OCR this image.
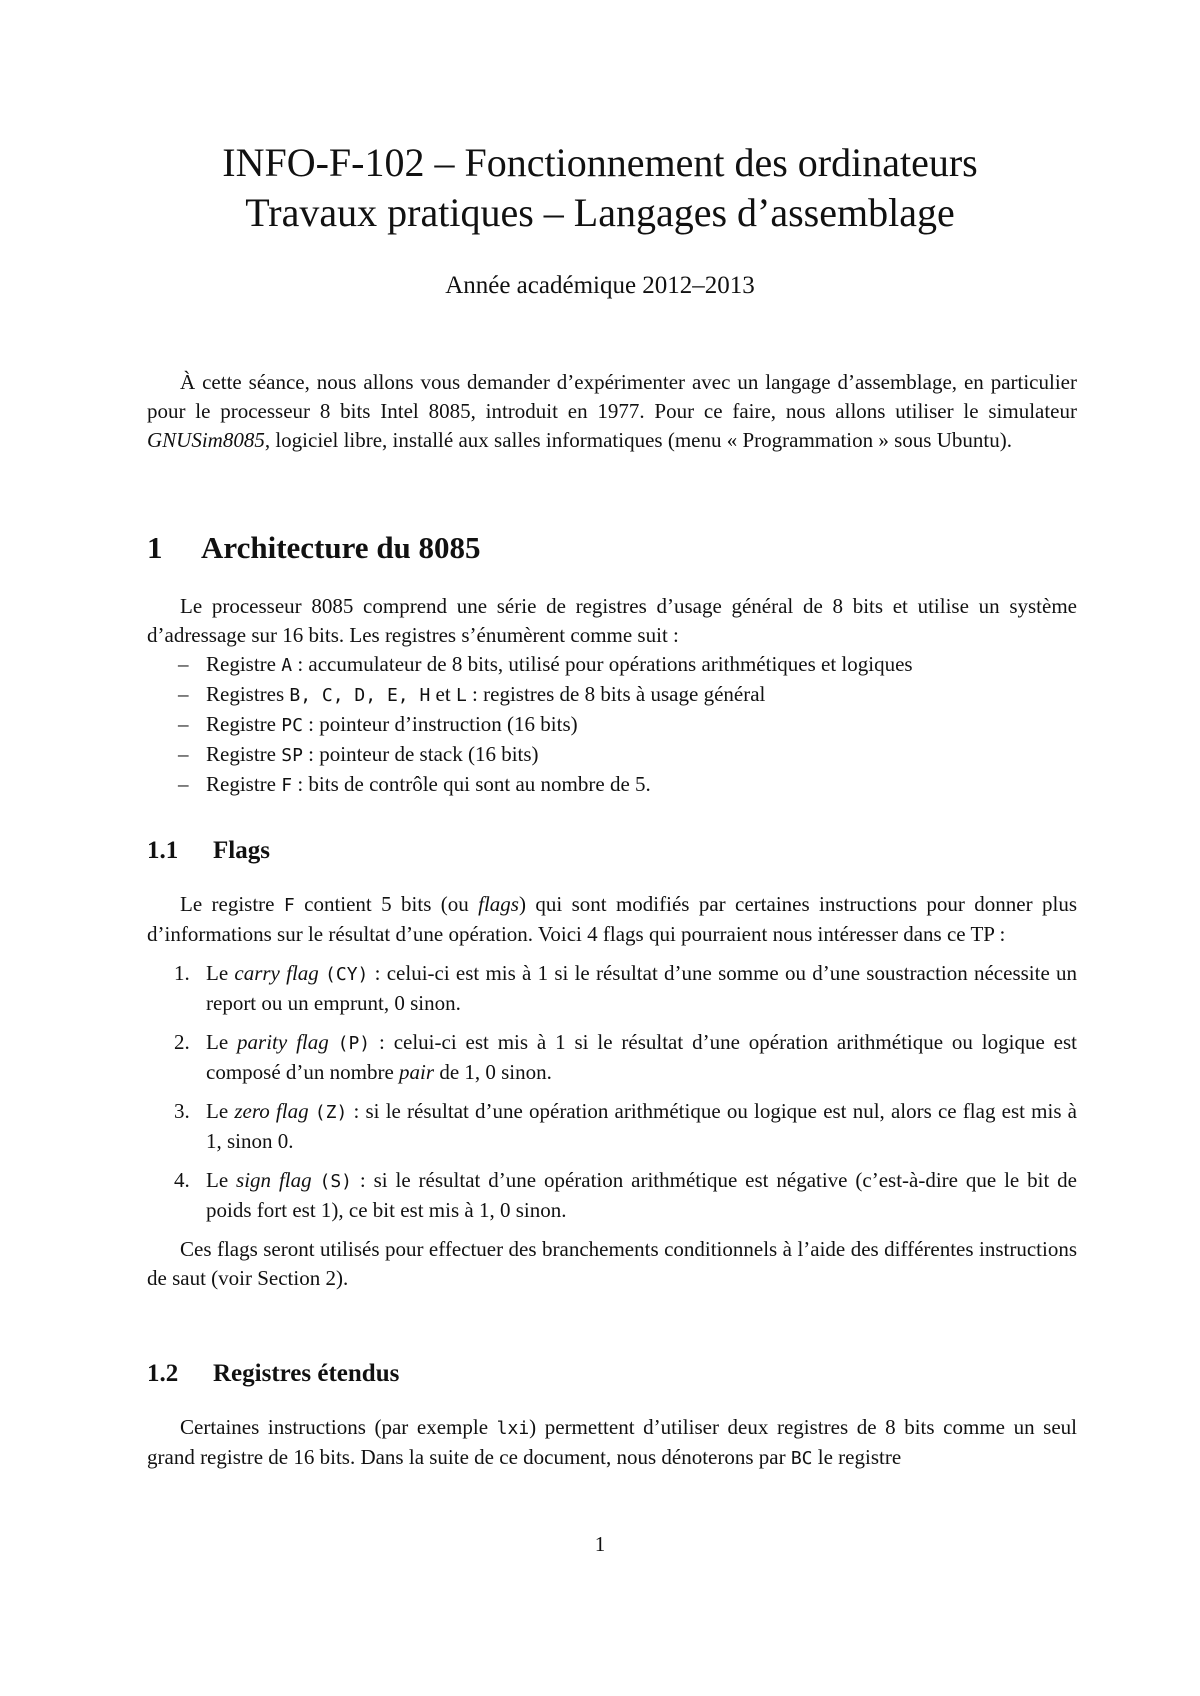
INFO-F-102 – Fonctionnement des ordinateurs
Travaux pratiques – Langages d’assemblage
Année académique 2012–2013

À cette séance, nous allons vous demander d’expérimenter avec un langage d’assemblage, en particulier pour le processeur 8 bits Intel 8085, introduit en 1977. Pour ce faire, nous allons utiliser le simulateur GNUSim8085, logiciel libre, installé aux salles informatiques (menu « Programmation » sous Ubuntu).

1 Architecture du 8085

Le processeur 8085 comprend une série de registres d’usage général de 8 bits et utilise un système d’adressage sur 16 bits. Les registres s’énumèrent comme suit :

– Registre A : accumulateur de 8 bits, utilisé pour opérations arithmétiques et logiques
– Registres B, C, D, E, H et L : registres de 8 bits à usage général
– Registre PC : pointeur d’instruction (16 bits)
– Registre SP : pointeur de stack (16 bits)
– Registre F : bits de contrôle qui sont au nombre de 5.
1.1 Flags

Le registre F contient 5 bits (ou flags) qui sont modifiés par certaines instructions pour donner plus d’informations sur le résultat d’une opération. Voici 4 flags qui pourraient nous intéresser dans ce TP :

1. Le carry flag (CY) : celui-ci est mis à 1 si le résultat d’une somme ou d’une soustraction nécessite un report ou un emprunt, 0 sinon.
2. Le parity flag (P) : celui-ci est mis à 1 si le résultat d’une opération arithmétique ou logique est composé d’un nombre pair de 1, 0 sinon.
3. Le zero flag (Z) : si le résultat d’une opération arithmétique ou logique est nul, alors ce flag est mis à 1, sinon 0.
4. Le sign flag (S) : si le résultat d’une opération arithmétique est négative (c’est-à-dire que le bit de poids fort est 1), ce bit est mis à 1, 0 sinon.

Ces flags seront utilisés pour effectuer des branchements conditionnels à l’aide des différentes instructions de saut (voir Section 2).

1.2 Registres étendus

Certaines instructions (par exemple lxi) permettent d’utiliser deux registres de 8 bits comme un seul grand registre de 16 bits. Dans la suite de ce document, nous dénoterons par BC le registre

1
